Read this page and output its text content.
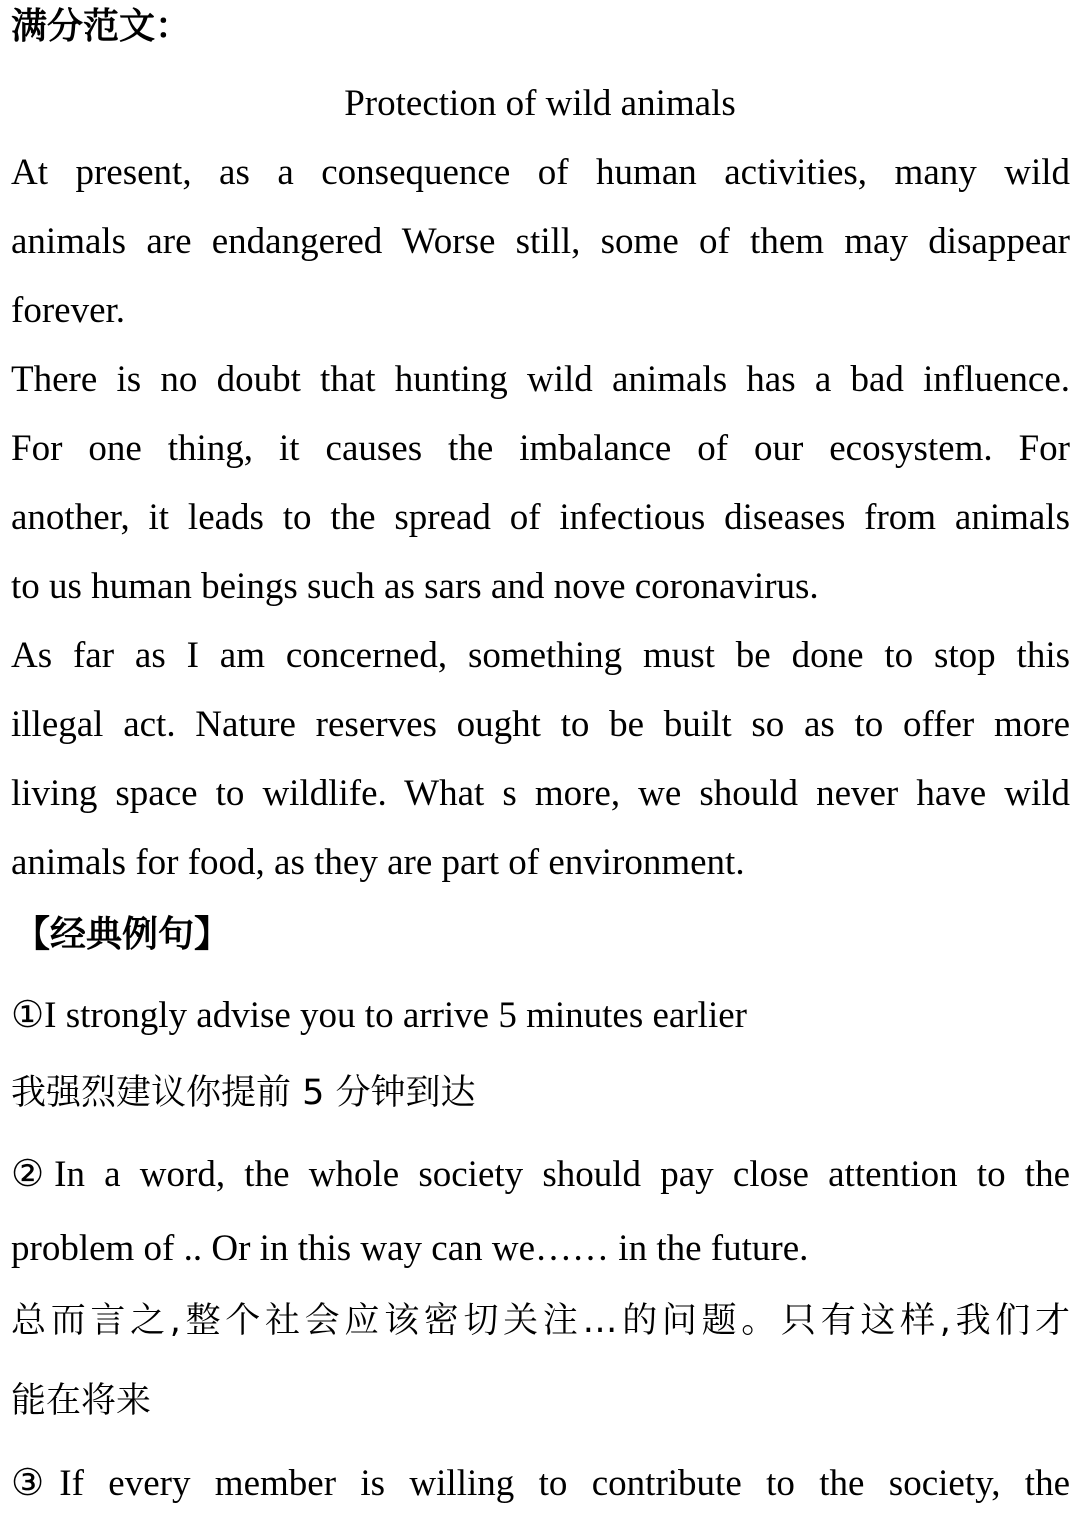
满分范文：
Protection of wild animals
At present, as a consequence of human activities, many wild
animals are endangered Worse still, some of them may disappear
forever.
There is no doubt that hunting wild animals has a bad influence.
For one thing, it causes the imbalance of our ecosystem. For
another, it leads to the spread of infectious diseases from animals
to us human beings such as sars and nove coronavirus.
As far as I am concerned, something must be done to stop this
illegal act. Nature reserves ought to be built so as to offer more
living space to wildlife. What s more, we should never have wild
animals for food, as they are part of environment.
【经典例句】
①I strongly advise you to arrive 5 minutes earlier
我强烈建议你提前 5 分钟到达
②In a word, the whole society should pay close attention to the
problem of .. Or in this way can we…… in the future.
总而言之,整个社会应该密切关注…的问题。只有这样,我们才
能在将来
③If every member is willing to contribute to the society, the
